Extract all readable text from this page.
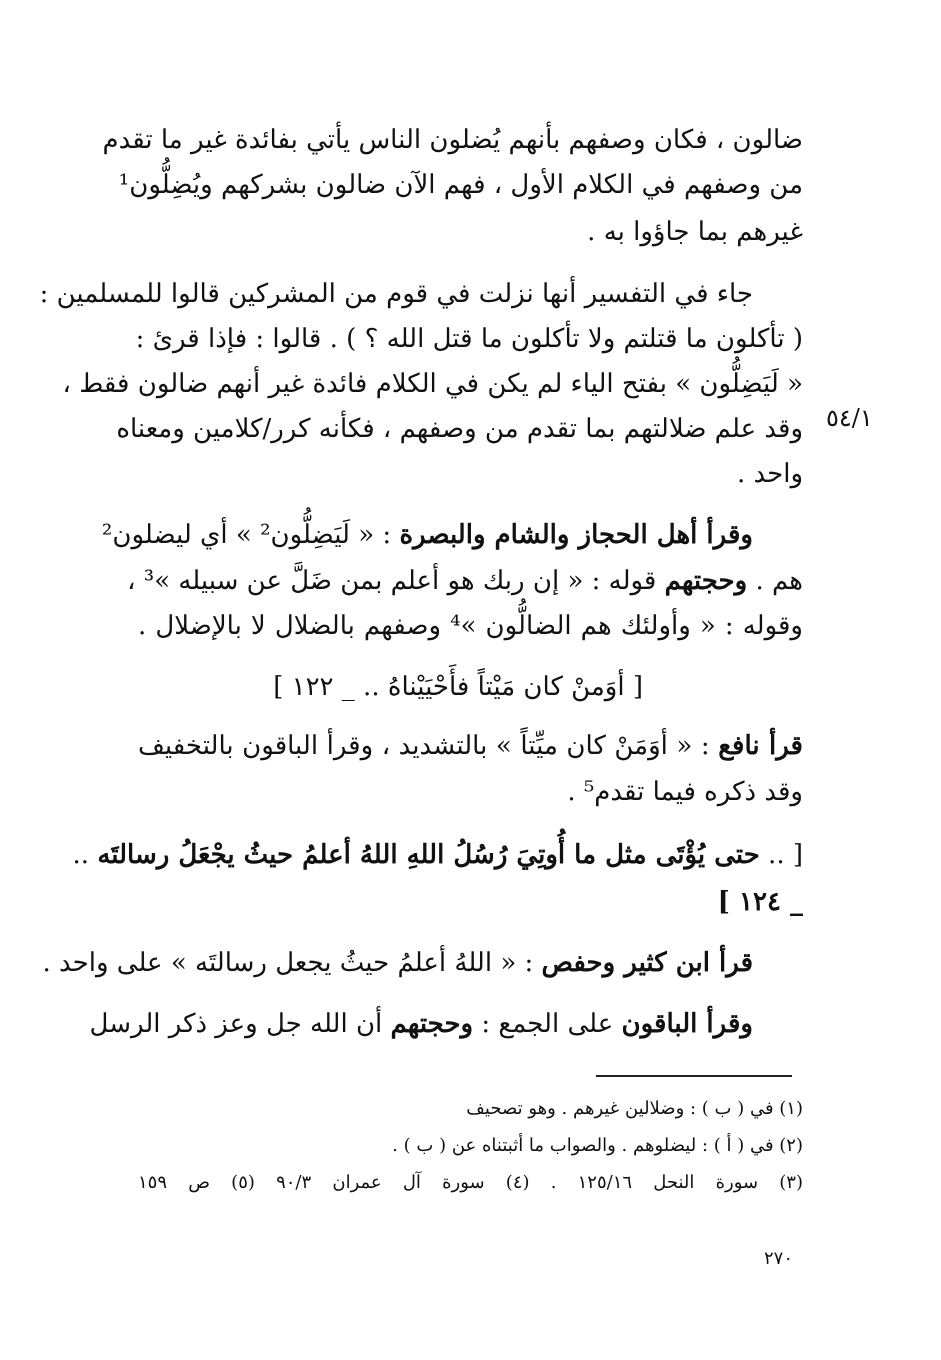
٥٤/١
ضالون ، فكان وصفهم بأنهم يُضلون الناس يأتي بفائدة غير ما تقدم
من وصفهم في الكلام الأول ، فهم الآن ضالون بشركهم ويُضِلُّون¹
غيرهم بما جاؤوا به .
جاء في التفسير أنها نزلت في قوم من المشركين قالوا للمسلمين :
( تأكلون ما قتلتم ولا تأكلون ما قتل الله ؟ ) . قالوا : فإذا قرئ :
« لَيَضِلُّون » بفتح الياء لم يكن في الكلام فائدة غير أنهم ضالون فقط ،
وقد علم ضلالتهم بما تقدم من وصفهم ، فكأنه كرر/كلامين ومعناه
واحد .
وقرأ أهل الحجاز والشام والبصرة : « لَيَضِلُّون² » أي ليضلون²
هم . وحجتهم قوله : « إن ربك هو أعلم بمن ضَلَّ عن سبيله »³ ،
وقوله : « وأولئك هم الضالُّون »⁴ وصفهم بالضلال لا بالإضلال .
[ أوَمنْ كان مَيْتاً فأَحْيَيْناهُ .. _ ١٢٢ ]
قرأ نافع : « أوَمَنْ كان ميِّتاً » بالتشديد ، وقرأ الباقون بالتخفيف
وقد ذكره فيما تقدم⁵ .
[ .. حتى يُؤْتَى مثل ما أُوتِيَ رُسُلُ اللهِ اللهُ أعلمُ حيثُ يجْعَلُ رسالتَه ..
_ ١٢٤ ]
قرأ ابن كثير وحفص : « اللهُ أعلمُ حيثُ يجعل رسالتَه » على واحد .
وقرأ الباقون على الجمع : وحجتهم أن الله جل وعز ذكر الرسل
(١) في ( ب ) : وضلالين غيرهم . وهو تصحيف
(٢) في ( أ ) : ليضلوهم . والصواب ما أثبتناه عن ( ب ) .
(٣) سورة النحل ١٢٥/١٦ . (٤) سورة آل عمران ٩٠/٣ (٥) ص ١٥٩
٢٧٠
